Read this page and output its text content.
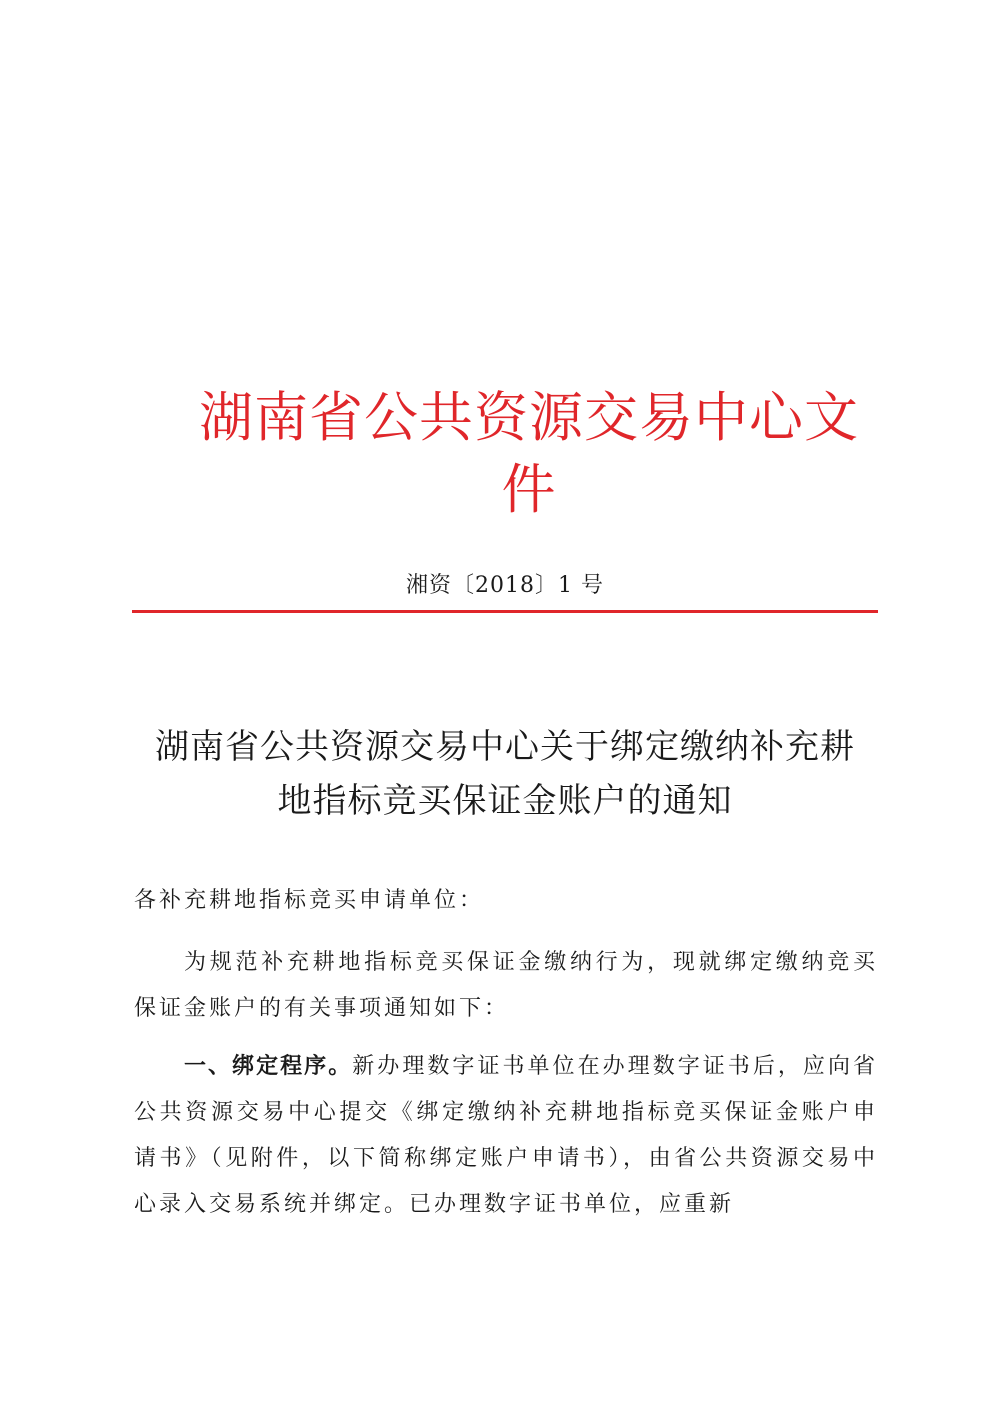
湖南省公共资源交易中心文件
湘资〔2018〕1 号
湖南省公共资源交易中心关于绑定缴纳补充耕
地指标竞买保证金账户的通知
各补充耕地指标竞买申请单位：
为规范补充耕地指标竞买保证金缴纳行为，现就绑定缴纳竞买保证金账户的有关事项通知如下：
一、绑定程序。新办理数字证书单位在办理数字证书后，应向省公共资源交易中心提交《绑定缴纳补充耕地指标竞买保证金账户申请书》（见附件，以下简称绑定账户申请书），由省公共资源交易中心录入交易系统并绑定。已办理数字证书单位，应重新
